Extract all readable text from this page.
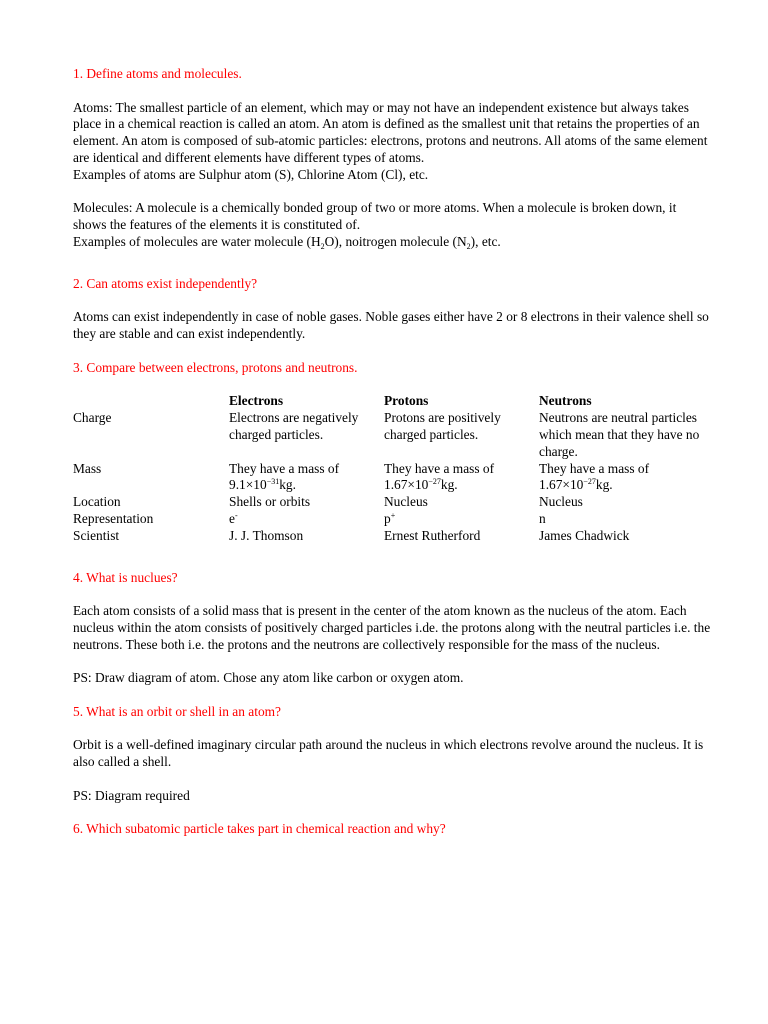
1. Define atoms and molecules.

Atoms: The smallest particle of an element, which may or may not have an independent existence but always takes place in a chemical reaction is called an atom. An atom is defined as the smallest unit that retains the properties of an element. An atom is composed of sub-atomic particles: electrons, protons and neutrons. All atoms of the same element are identical and different elements have different types of atoms.

Examples of atoms are Sulphur atom (S), Chlorine Atom (Cl), etc.

Molecules: A molecule is a chemically bonded group of two or more atoms. When a molecule is broken down, it shows the features of the elements it is constituted of.

Examples of molecules are water molecule $(H_2O)$, noitrogen molecule $(N_2)$, etc.

2. Can atoms exist independently?

Atoms can exist independently in case of noble gases. Noble gases either have 2 or 8 electrons in their valence shell so they are stable and can exist independently.

3. Compare between electrons, protons and neutrons.

	Electrons	Protons	Neutrons
Charge	Electrons are negatively charged particles.	Protons are positively charged particles.	Neutrons are neutral particles which mean that they have no charge.
Mass	They have a mass of $9.1\times 10^{-31}kg$.	They have a mass of $1.67\times 10^{-27}kg$.	They have a mass of $1.67\times 10^{-27}kg$.
Location	Shells or orbits	Nucleus	Nucleus
Representation	e-	p+	n
Scientist	J. J. Thomson	Ernest Rutherford	James Chadwick

4. What is nuclues?

Each atom consists of a solid mass that is present in the center of the atom known as the nucleus of the atom. Each nucleus within the atom consists of positively charged particles i.de. the protons along with the neutral particles i.e. the neutrons. These both i.e. the protons and the neutrons are collectively responsible for the mass of the nucleus.

PS: Draw diagram of atom. Chose any atom like carbon or oxygen atom.

5. What is an orbit or shell in an atom?

Orbit is a well-defined imaginary circular path around the nucleus in which electrons revolve around the nucleus. It is also called a shell.

PS: Diagram required

6. Which subatomic particle takes part in chemical reaction and why?
